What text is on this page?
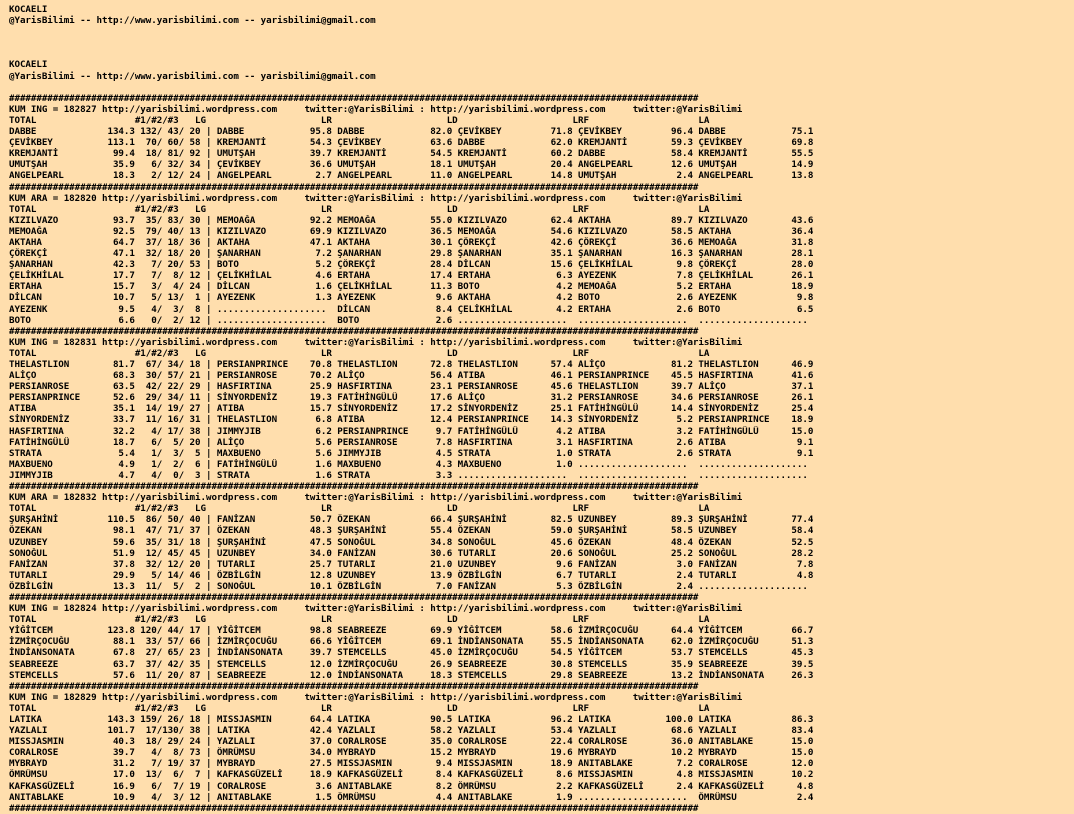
KOCAELI
@YarisBilimi -- http://www.yarisbilimi.com -- yarisbilimi@gmail.com

KOCAELI
@YarisBilimi -- http://www.yarisbilimi.com -- yarisbilimi@gmail.com

##############################################################################################################################
KUM ING = 182827 http://yarisbilimi.wordpress.com     twitter:@YarisBilimi : http://yarisbilimi.wordpress.com     twitter:@YarisBilimi
TOTAL                  #1/#2/#3   LG                     LR                     LD                     LRF                    LA
DABBE             134.3 132/ 43/ 20 | DABBE            95.8 DABBE            82.0 ÇEVİKBEY         71.8 ÇEVİKBEY         96.4 DABBE            75.1
ÇEVİKBEY          113.1  70/ 60/ 58 | KREMJANTİ        54.3 ÇEVİKBEY         63.6 DABBE            62.0 KREMJANTİ        59.3 ÇEVİKBEY         69.8
KREMJANTİ          99.4  18/ 81/ 92 | UMUTŞAH          39.7 KREMJANTİ        54.5 KREMJANTİ        60.2 DABBE            58.4 KREMJANTİ        55.5
UMUTŞAH            35.9   6/ 32/ 34 | ÇEVİKBEY         36.6 UMUTŞAH          18.1 UMUTŞAH          20.4 ANGELPEARL       12.6 UMUTŞAH          14.9
ANGELPEARL         18.3   2/ 12/ 24 | ANGELPEARL        2.7 ANGELPEARL       11.0 ANGELPEARL       14.8 UMUTŞAH           2.4 ANGELPEARL       13.8
##############################################################################################################################
KUM ARA = 182820 http://yarisbilimi.wordpress.com     twitter:@YarisBilimi : http://yarisbilimi.wordpress.com     twitter:@YarisBilimi
TOTAL                  #1/#2/#3   LG                     LR                     LD                     LRF                    LA
KIZILVAZO          93.7  35/ 83/ 30 | MEMOAĞA          92.2 MEMOAĞA          55.0 KIZILVAZO        62.4 AKTAHA           89.7 KIZILVAZO        43.6
MEMOAĞA            92.5  79/ 40/ 13 | KIZILVAZO        69.9 KIZILVAZO        36.5 MEMOAĞA          54.6 KIZILVAZO        58.5 AKTAHA           36.4
AKTAHA             64.7  37/ 18/ 36 | AKTAHA           47.1 AKTAHA           30.1 ÇÖREKÇİ          42.6 ÇÖREKÇİ          36.6 MEMOAĞA          31.8
ÇÖREKÇİ            47.1  32/ 18/ 20 | ŞANARHAN          7.2 ŞANARHAN         29.8 ŞANARHAN         35.1 ŞANARHAN         16.3 ŞANARHAN         28.1
ŞANARHAN           42.3   7/ 20/ 53 | BOTO              5.2 ÇÖREKÇİ          28.4 DİLCAN           15.6 ÇELİKHİLAL        9.8 ÇÖREKÇİ          28.0
ÇELİKHİLAL         17.7   7/  8/ 12 | ÇELİKHİLAL        4.6 ERTAHA           17.4 ERTAHA            6.3 AYEZENK           7.8 ÇELİKHİLAL       26.1
ERTAHA             15.7   3/  4/ 24 | DİLCAN            1.6 ÇELİKHİLAL       11.3 BOTO              4.2 MEMOAĞA           5.2 ERTAHA           18.9
DİLCAN             10.7   5/ 13/  1 | AYEZENK           1.3 AYEZENK           9.6 AKTAHA            4.2 BOTO              2.6 AYEZENK           9.8
AYEZENK             9.5   4/  3/  8 | ....................  DİLCAN            8.4 ÇELİKHİLAL        4.2 ERTAHA            2.6 BOTO              6.5
BOTO                6.6   0/  2/ 12 | ....................  BOTO              2.6 ....................  ....................  ....................
##############################################################################################################################
KUM ING = 182831 http://yarisbilimi.wordpress.com     twitter:@YarisBilimi : http://yarisbilimi.wordpress.com     twitter:@YarisBilimi
TOTAL                  #1/#2/#3   LG                     LR                     LD                     LRF                    LA
THELASTLION        81.7  67/ 34/ 18 | PERSIANPRINCE    70.8 THELASTLION      72.8 THELASTLION      57.4 ALİÇO            81.2 THELASTLION      46.9
ALİÇO              68.3  30/ 57/ 21 | PERSIANROSE      70.2 ALİÇO            56.4 ATIBA            46.1 PERSIANPRINCE    45.5 HASFIRTINA       41.6
PERSIANROSE        63.5  42/ 22/ 29 | HASFIRTINA       25.9 HASFIRTINA       23.1 PERSIANROSE      45.6 THELASTLION      39.7 ALİÇO            37.1
PERSIANPRINCE      52.6  29/ 34/ 11 | SİNYORDENİZ      19.3 FATİHİNGÜLÜ      17.6 ALİÇO            31.2 PERSIANROSE      34.6 PERSIANROSE      26.1
ATIBA              35.1  14/ 19/ 27 | ATIBA            15.7 SİNYORDENİZ      17.2 SİNYORDENİZ      25.1 FATİHİNGÜLÜ      14.4 SİNYORDENİZ      25.4
SİNYORDENİZ        33.7  11/ 16/ 31 | THELASTLION       6.8 ATIBA            12.4 PERSIANPRINCE    14.3 SİNYORDENİZ       5.2 PERSIANPRINCE    18.9
HASFIRTINA         32.2   4/ 17/ 38 | JIMMYJIB          6.2 PERSIANPRINCE     9.7 FATİHİNGÜLÜ       4.2 ATIBA             3.2 FATİHİNGÜLÜ      15.0
FATİHİNGÜLÜ        18.7   6/  5/ 20 | ALİÇO             5.6 PERSIANROSE       7.8 HASFIRTINA        3.1 HASFIRTINA        2.6 ATIBA             9.1
STRATA              5.4   1/  3/  5 | MAXBUENO          5.6 JIMMYJIB          4.5 STRATA            1.0 STRATA            2.6 STRATA            9.1
MAXBUENO            4.9   1/  2/  6 | FATİHİNGÜLÜ       1.6 MAXBUENO          4.3 MAXBUENO          1.0 ....................  ....................
JIMMYJIB            4.7   4/  0/  3 | STRATA            1.6 STRATA            3.3 ....................  ....................  ....................
##############################################################################################################################
KUM ARA = 182832 http://yarisbilimi.wordpress.com     twitter:@YarisBilimi : http://yarisbilimi.wordpress.com     twitter:@YarisBilimi
TOTAL                  #1/#2/#3   LG                     LR                     LD                     LRF                    LA
ŞURŞAHİNİ         110.5  86/ 50/ 40 | FANİZAN          50.7 ÖZEKAN           66.4 ŞURŞAHİNİ        82.5 UZUNBEY          89.3 ŞURŞAHİNİ        77.4
ÖZEKAN             98.1  47/ 71/ 37 | ÖZEKAN           48.3 ŞURŞAHİNİ        55.4 ÖZEKAN           59.0 ŞURŞAHİNİ        58.5 UZUNBEY          58.4
UZUNBEY            59.6  35/ 31/ 18 | ŞURŞAHİNİ        47.5 SONOĞUL          34.8 SONOĞUL          45.6 ÖZEKAN           48.4 ÖZEKAN           52.5
SONOĞUL            51.9  12/ 45/ 45 | UZUNBEY          34.0 FANİZAN          30.6 TUTARLI          20.6 SONOĞUL          25.2 SONOĞUL          28.2
FANİZAN            37.8  32/ 12/ 20 | TUTARLI          25.7 TUTARLI          21.0 UZUNBEY           9.6 FANİZAN           3.0 FANİZAN           7.8
TUTARLI            29.9   5/ 14/ 46 | ÖZBİLGİN         12.8 UZUNBEY          13.9 ÖZBİLGİN          6.7 TUTARLI           2.4 TUTARLI           4.8
ÖZBİLGİN           13.3  11/  5/  2 | SONOĞUL          10.1 ÖZBİLGİN          7.0 FANİZAN           5.3 ÖZBİLGİN          2.4 ....................
##############################################################################################################################
KUM ING = 182824 http://yarisbilimi.wordpress.com     twitter:@YarisBilimi : http://yarisbilimi.wordpress.com     twitter:@YarisBilimi
TOTAL                  #1/#2/#3   LG                     LR                     LD                     LRF                    LA
YİĞİTCEM          123.8 120/ 44/ 17 | YİĞİTCEM         98.8 SEABREEZE        69.9 YİĞİTCEM         58.6 İZMİRÇOCUĞU      64.4 YİĞİTCEM         66.7
İZMİRÇOCUĞU        88.1  33/ 57/ 66 | İZMİRÇOCUĞU      66.6 YİĞİTCEM         69.1 İNDİANSONATA     55.5 İNDİANSONATA     62.0 İZMİRÇOCUĞU      51.3
İNDİANSONATA       67.8  27/ 65/ 23 | İNDİANSONATA     39.7 STEMCELLS        45.0 İZMİRÇOCUĞU      54.5 YİĞİTCEM         53.7 STEMCELLS        45.3
SEABREEZE          63.7  37/ 42/ 35 | STEMCELLS        12.0 İZMİRÇOCUĞU      26.9 SEABREEZE        30.8 STEMCELLS        35.9 SEABREEZE        39.5
STEMCELLS          57.6  11/ 20/ 87 | SEABREEZE        12.0 İNDİANSONATA     18.3 STEMCELLS        29.8 SEABREEZE        13.2 İNDİANSONATA     26.3
##############################################################################################################################
KUM ING = 182829 http://yarisbilimi.wordpress.com     twitter:@YarisBilimi : http://yarisbilimi.wordpress.com     twitter:@YarisBilimi
TOTAL                  #1/#2/#3   LG                     LR                     LD                     LRF                    LA
LATIKA            143.3 159/ 26/ 18 | MISSJASMIN       64.4 LATIKA           90.5 LATIKA           96.2 LATIKA          100.0 LATIKA           86.3
YAZLALI           101.7  17/130/ 38 | LATIKA           42.4 YAZLALI          58.2 YAZLALI          53.4 YAZLALI          68.6 YAZLALI          83.4
MISSJASMIN         40.3  18/ 29/ 24 | YAZLALI          37.0 CORALROSE        35.0 CORALROSE        22.4 CORALROSE        36.0 ANITABLAKE       15.0
CORALROSE          39.7   4/  8/ 73 | ÖMRÜMSU          34.0 MYBRAYD          15.2 MYBRAYD          19.6 MYBRAYD          10.2 MYBRAYD          15.0
MYBRAYD            31.2   7/ 19/ 37 | MYBRAYD          27.5 MISSJASMIN        9.4 MISSJASMIN       18.9 ANITABLAKE        7.2 CORALROSE        12.0
ÖMRÜMSU            17.0  13/  6/  7 | KAFKASGÜZELİ     18.9 KAFKASGÜZELİ      8.4 KAFKASGÜZELİ      8.6 MISSJASMIN        4.8 MISSJASMIN       10.2
KAFKASGÜZELİ       16.9   6/  7/ 19 | CORALROSE         3.6 ANITABLAKE        8.2 ÖMRÜMSU           2.2 KAFKASGÜZELİ      2.4 KAFKASGÜZELİ      4.8
ANITABLAKE         10.9   4/  3/ 12 | ANITABLAKE        1.5 ÖMRÜMSU           4.4 ANITABLAKE        1.9 ....................  ÖMRÜMSU           2.4
##############################################################################################################################
